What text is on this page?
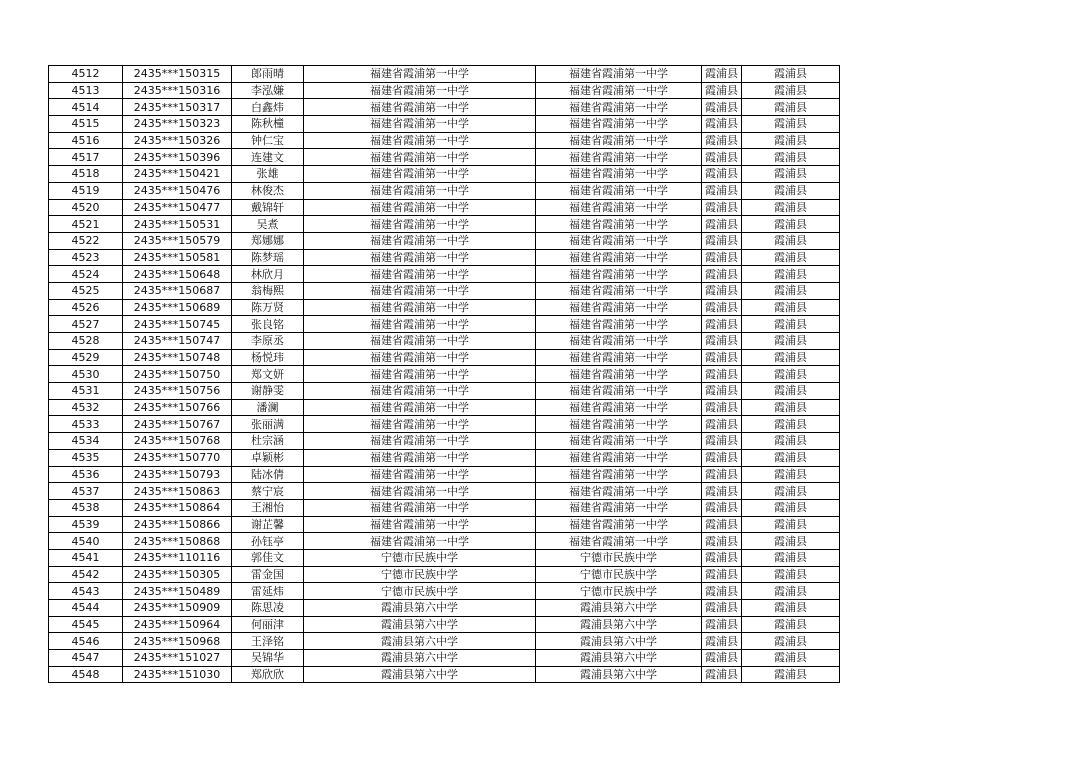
4512	2435***150315	郎雨晴	福建省霞浦第一中学	福建省霞浦第一中学	霞浦县	霞浦县
4513	2435***150316	李泓嫌	福建省霞浦第一中学	福建省霞浦第一中学	霞浦县	霞浦县
4514	2435***150317	白鑫炜	福建省霞浦第一中学	福建省霞浦第一中学	霞浦县	霞浦县
4515	2435***150323	陈秋橦	福建省霞浦第一中学	福建省霞浦第一中学	霞浦县	霞浦县
4516	2435***150326	钟仁宝	福建省霞浦第一中学	福建省霞浦第一中学	霞浦县	霞浦县
4517	2435***150396	连建文	福建省霞浦第一中学	福建省霞浦第一中学	霞浦县	霞浦县
4518	2435***150421	张雄	福建省霞浦第一中学	福建省霞浦第一中学	霞浦县	霞浦县
4519	2435***150476	林俊杰	福建省霞浦第一中学	福建省霞浦第一中学	霞浦县	霞浦县
4520	2435***150477	戴锦轩	福建省霞浦第一中学	福建省霞浦第一中学	霞浦县	霞浦县
4521	2435***150531	吴煮	福建省霞浦第一中学	福建省霞浦第一中学	霞浦县	霞浦县
4522	2435***150579	郑娜娜	福建省霞浦第一中学	福建省霞浦第一中学	霞浦县	霞浦县
4523	2435***150581	陈梦瑶	福建省霞浦第一中学	福建省霞浦第一中学	霞浦县	霞浦县
4524	2435***150648	林欣月	福建省霞浦第一中学	福建省霞浦第一中学	霞浦县	霞浦县
4525	2435***150687	翁梅熙	福建省霞浦第一中学	福建省霞浦第一中学	霞浦县	霞浦县
4526	2435***150689	陈万贤	福建省霞浦第一中学	福建省霞浦第一中学	霞浦县	霞浦县
4527	2435***150745	张良铭	福建省霞浦第一中学	福建省霞浦第一中学	霞浦县	霞浦县
4528	2435***150747	李原丞	福建省霞浦第一中学	福建省霞浦第一中学	霞浦县	霞浦县
4529	2435***150748	杨悦玮	福建省霞浦第一中学	福建省霞浦第一中学	霞浦县	霞浦县
4530	2435***150750	郑文妍	福建省霞浦第一中学	福建省霞浦第一中学	霞浦县	霞浦县
4531	2435***150756	谢静雯	福建省霞浦第一中学	福建省霞浦第一中学	霞浦县	霞浦县
4532	2435***150766	潘澜	福建省霞浦第一中学	福建省霞浦第一中学	霞浦县	霞浦县
4533	2435***150767	张丽满	福建省霞浦第一中学	福建省霞浦第一中学	霞浦县	霞浦县
4534	2435***150768	杜宗涵	福建省霞浦第一中学	福建省霞浦第一中学	霞浦县	霞浦县
4535	2435***150770	卓颖彬	福建省霞浦第一中学	福建省霞浦第一中学	霞浦县	霞浦县
4536	2435***150793	陆冰倩	福建省霞浦第一中学	福建省霞浦第一中学	霞浦县	霞浦县
4537	2435***150863	蔡宁宸	福建省霞浦第一中学	福建省霞浦第一中学	霞浦县	霞浦县
4538	2435***150864	王湘怡	福建省霞浦第一中学	福建省霞浦第一中学	霞浦县	霞浦县
4539	2435***150866	谢芷馨	福建省霞浦第一中学	福建省霞浦第一中学	霞浦县	霞浦县
4540	2435***150868	孙钰亭	福建省霞浦第一中学	福建省霞浦第一中学	霞浦县	霞浦县
4541	2435***110116	郭佳文	宁德市民族中学	宁德市民族中学	霞浦县	霞浦县
4542	2435***150305	雷金国	宁德市民族中学	宁德市民族中学	霞浦县	霞浦县
4543	2435***150489	雷延炜	宁德市民族中学	宁德市民族中学	霞浦县	霞浦县
4544	2435***150909	陈思凌	霞浦县第六中学	霞浦县第六中学	霞浦县	霞浦县
4545	2435***150964	何丽津	霞浦县第六中学	霞浦县第六中学	霞浦县	霞浦县
4546	2435***150968	王泽铭	霞浦县第六中学	霞浦县第六中学	霞浦县	霞浦县
4547	2435***151027	吴锦华	霞浦县第六中学	霞浦县第六中学	霞浦县	霞浦县
4548	2435***151030	郑欣欣	霞浦县第六中学	霞浦县第六中学	霞浦县	霞浦县
